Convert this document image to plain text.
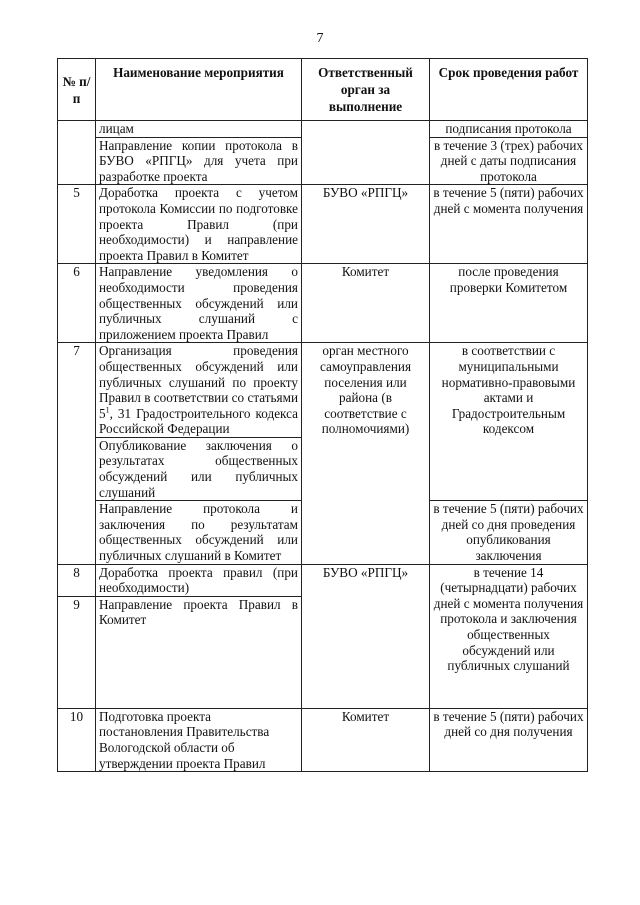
7
№ п/п	Наименование мероприятия	Ответственный орган за выполнение	Срок проведения работ
	лицам		подписания протокола
	Направление копии протокола в БУВО «РПГЦ» для учета при разработке проекта		в течение 3 (трех) рабочих дней с даты подписания протокола
5	Доработка проекта с учетом протокола Комиссии по подготовке проекта Правил (при необходимости) и направление проекта Правил в Комитет	БУВО «РПГЦ»	в течение 5 (пяти) рабочих дней с момента получения
6	Направление уведомления о необходимости проведения общественных обсуждений или публичных слушаний с приложением проекта Правил	Комитет	после проведения проверки Комитетом
7	Организация проведения общественных обсуждений или публичных слушаний по проекту Правил в соответствии со статьями $5^1$, 31 Градостроительного кодекса Российской Федерации	орган местного самоуправления поселения или района (в соответствие с полномочиями)	в соответствии с муниципальными нормативно-правовыми актами и Градостроительным кодексом
	Опубликование заключения о результатах общественных обсуждений или публичных слушаний		
	Направление протокола и заключения по результатам общественных обсуждений или публичных слушаний в Комитет		в течение 5 (пяти) рабочих дней со дня проведения опубликования заключения
8	Доработка проекта правил (при необходимости)	БУВО «РПГЦ»	в течение 14 (четырнадцати) рабочих дней с момента получения протокола и заключения общественных обсуждений или публичных слушаний
9	Направление проекта Правил в Комитет		
10	Подготовка проекта постановления Правительства Вологодской области об утверждении проекта Правил	Комитет	в течение 5 (пяти) рабочих дней со дня получения
